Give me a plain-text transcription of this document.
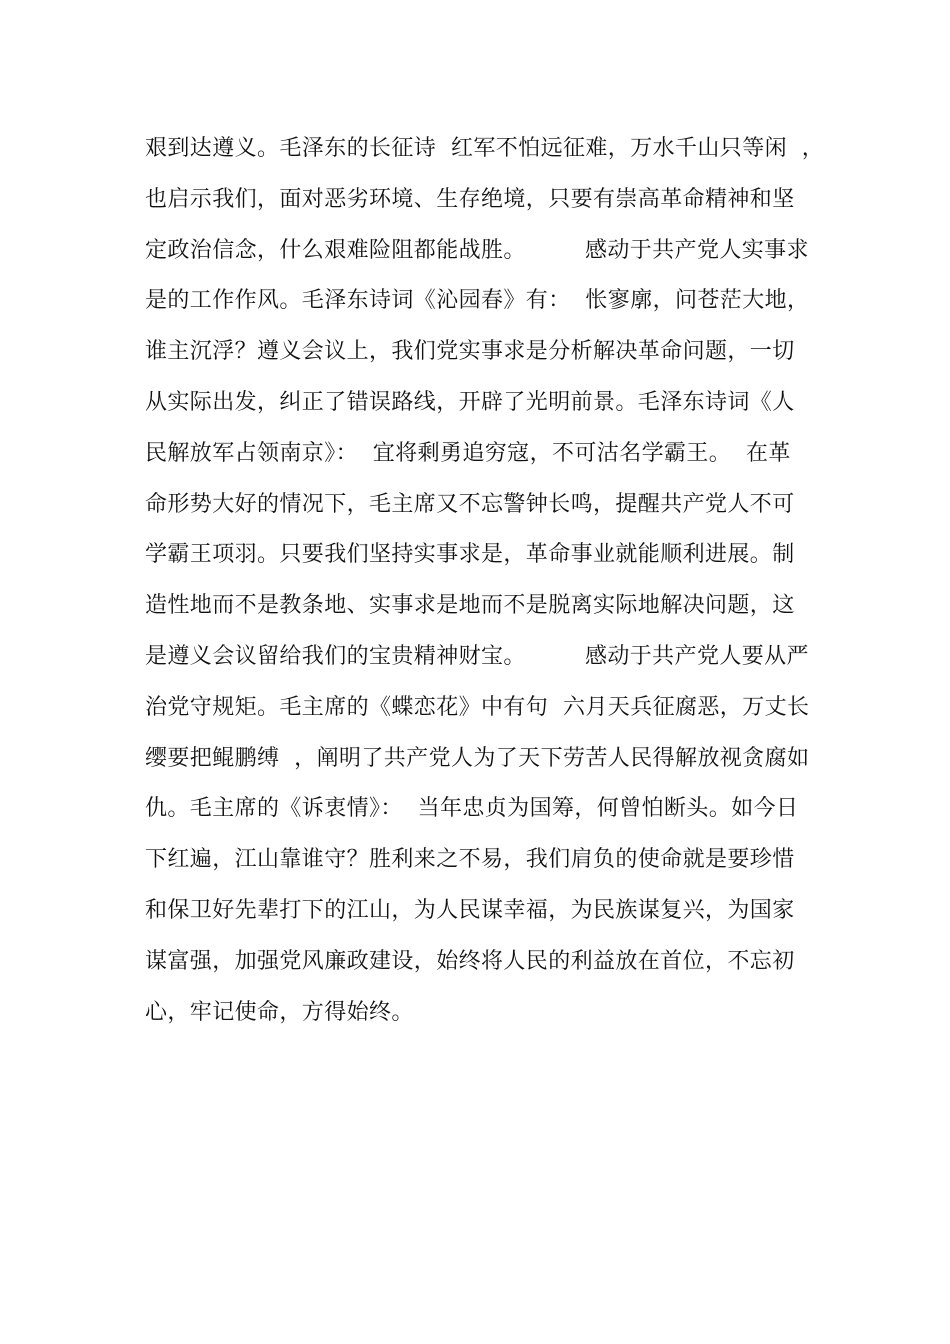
艰到达遵义。毛泽东的长征诗  红军不怕远征难，万水千山只等闲  ，
也启示我们，面对恶劣环境、生存绝境，只要有崇高革命精神和坚
定政治信念，什么艰难险阻都能战胜。        感动于共产党人实事求
是的工作作风。毛泽东诗词《沁园春》有：  怅寥廓，问苍茫大地，
谁主沉浮？遵义会议上，我们党实事求是分析解决革命问题，一切
从实际出发，纠正了错误路线，开辟了光明前景。毛泽东诗词《人
民解放军占领南京》：  宜将剩勇追穷寇，不可沽名学霸王。  在革
命形势大好的情况下，毛主席又不忘警钟长鸣，提醒共产党人不可
学霸王项羽。只要我们坚持实事求是，革命事业就能顺利进展。制
造性地而不是教条地、实事求是地而不是脱离实际地解决问题，这
是遵义会议留给我们的宝贵精神财宝。        感动于共产党人要从严
治党守规矩。毛主席的《蝶恋花》中有句  六月天兵征腐恶，万丈长
缨要把鲲鹏缚  ，阐明了共产党人为了天下劳苦人民得解放视贪腐如
仇。毛主席的《诉衷情》：  当年忠贞为国筹，何曾怕断头。如今日
下红遍，江山靠谁守？胜利来之不易，我们肩负的使命就是要珍惜
和保卫好先辈打下的江山，为人民谋幸福，为民族谋复兴，为国家
谋富强，加强党风廉政建设，始终将人民的利益放在首位，不忘初
心，牢记使命，方得始终。
